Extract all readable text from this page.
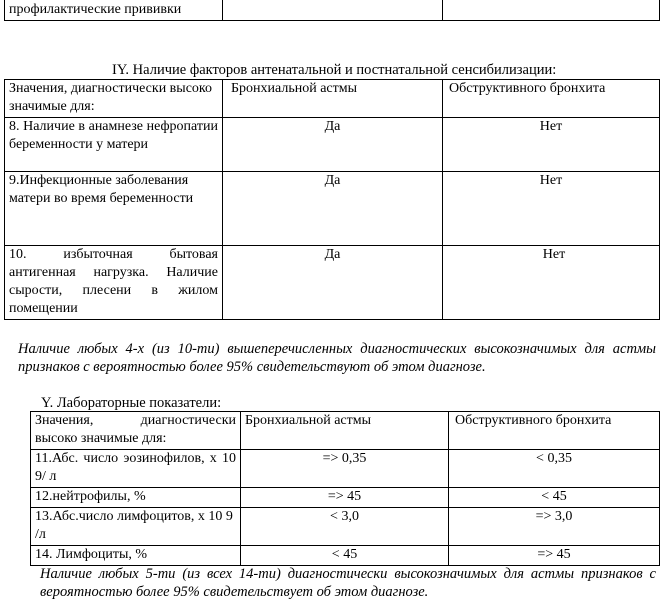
профилактические прививки		
IY. Наличие факторов антенатальной и постнатальной сенсибилизации:
Значения, диагностически высоко значимые для:	Бронхиальной астмы	Обструктивного бронхита
8. Наличие в анамнезе нефропатии беременности у матери	Да	Нет
9.Инфекционные заболевания матери во время беременности	Да	Нет
10. избыточная бытовая антигенная нагрузка. Наличие сырости, плесени в жилом помещении	Да	Нет
Наличие любых 4-х (из 10-ти) вышеперечисленных диагностических высокозначимых для астмы признаков с вероятностью более 95% свидетельствуют об этом диагнозе.
Y. Лабораторные показатели:
Значения, диагностически высоко значимые для:	Бронхиальной астмы	Обструктивного бронхита
11.Абс. число эозинофилов, х 10 9/ л	=> 0,35	< 0,35
12.нейтрофилы, %	=> 45	< 45
13.Абс.число лимфоцитов, х 10 9 /л	< 3,0	=> 3,0
14. Лимфоциты, %	< 45	=> 45
Наличие любых 5-ти (из всех 14-ти) диагностически высокозначимых для астмы признаков с вероятностью более 95% свидетельствует об этом диагнозе.
